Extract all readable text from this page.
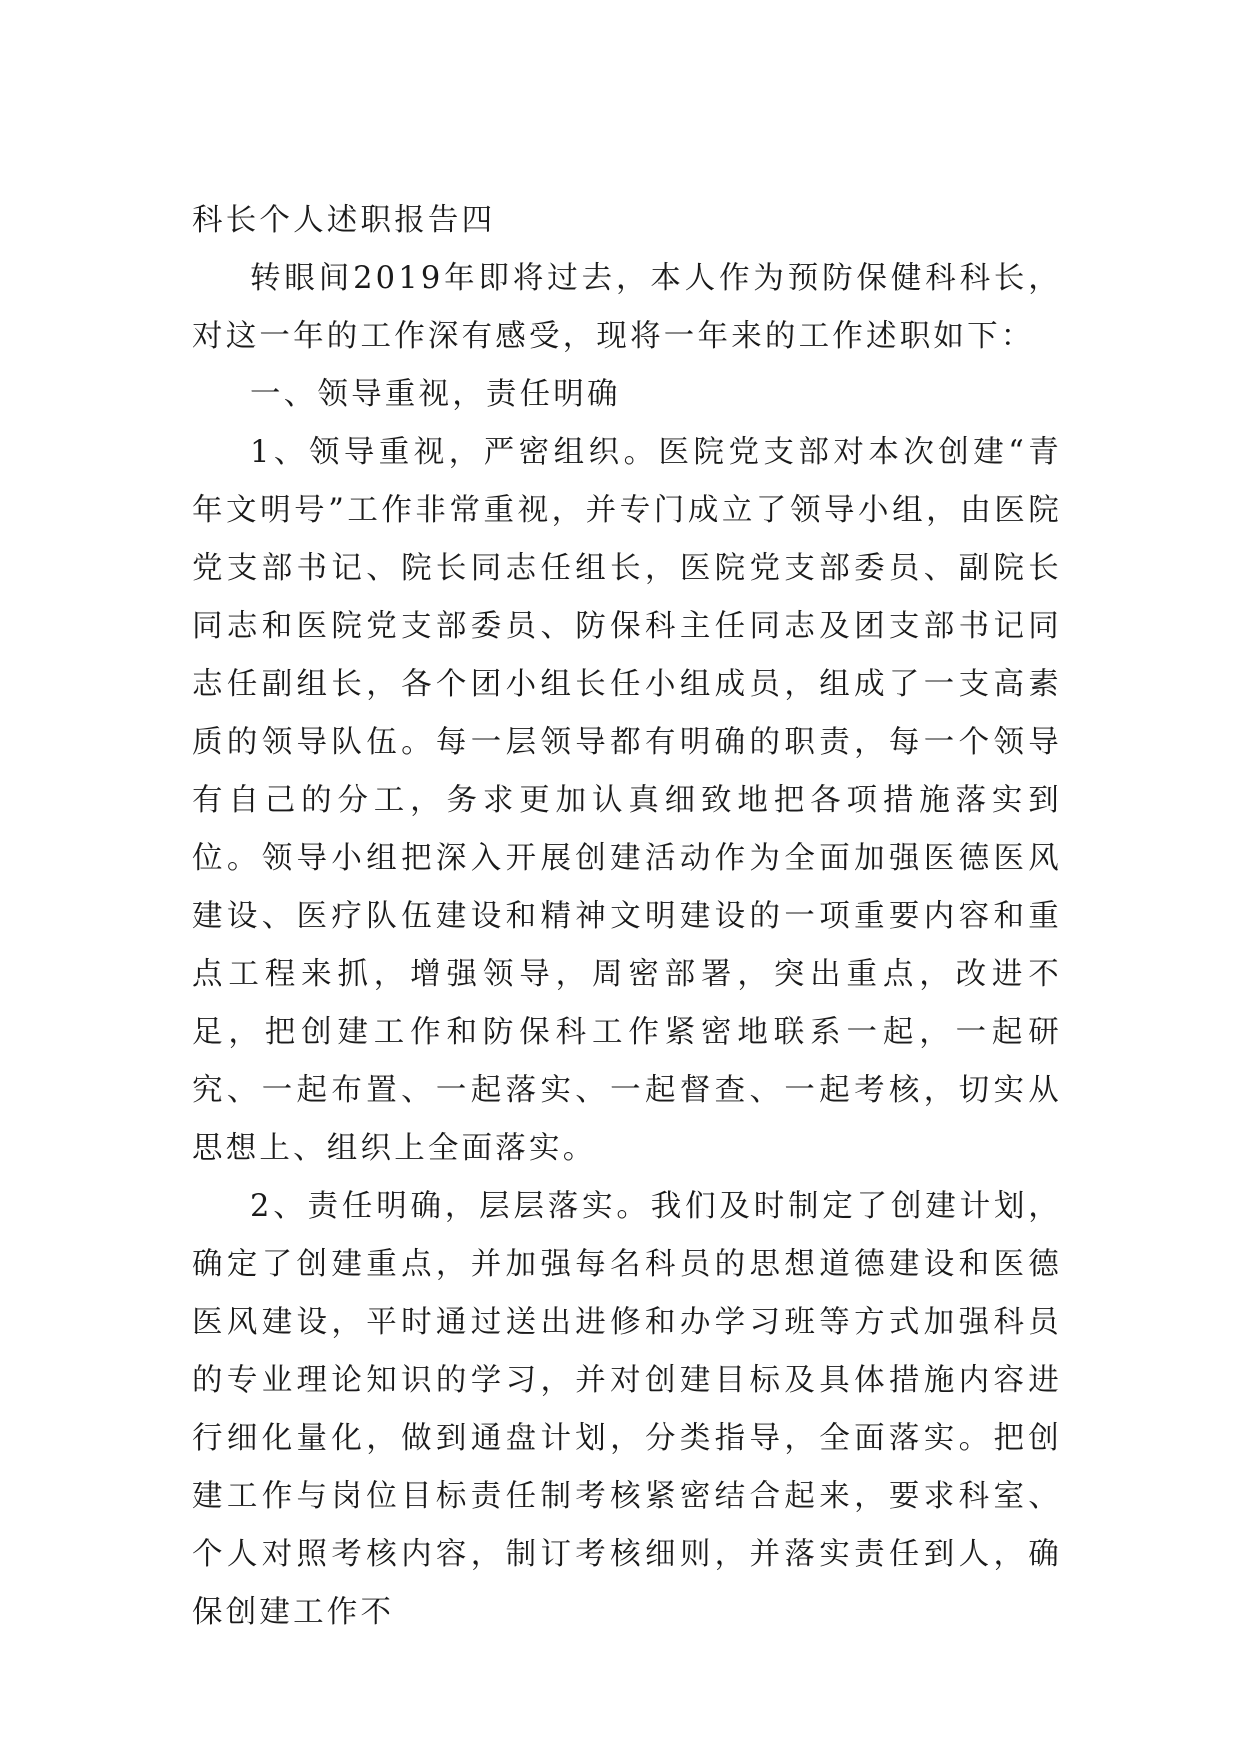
科长个人述职报告四

转眼间2019年即将过去，本人作为预防保健科科长，对这一年的工作深有感受，现将一年来的工作述职如下：

一、领导重视，责任明确

1、领导重视，严密组织。医院党支部对本次创建“青年文明号”工作非常重视，并专门成立了领导小组，由医院党支部书记、院长同志任组长，医院党支部委员、副院长同志和医院党支部委员、防保科主任同志及团支部书记同志任副组长，各个团小组长任小组成员，组成了一支高素质的领导队伍。每一层领导都有明确的职责，每一个领导有自己的分工，务求更加认真细致地把各项措施落实到位。领导小组把深入开展创建活动作为全面加强医德医风建设、医疗队伍建设和精神文明建设的一项重要内容和重点工程来抓，增强领导，周密部署，突出重点，改进不足，把创建工作和防保科工作紧密地联系一起，一起研究、一起布置、一起落实、一起督查、一起考核，切实从思想上、组织上全面落实。

2、责任明确，层层落实。我们及时制定了创建计划，确定了创建重点，并加强每名科员的思想道德建设和医德医风建设，平时通过送出进修和办学习班等方式加强科员的专业理论知识的学习，并对创建目标及具体措施内容进行细化量化，做到通盘计划，分类指导，全面落实。把创建工作与岗位目标责任制考核紧密结合起来，要求科室、个人对照考核内容，制订考核细则，并落实责任到人，确保创建工作不
